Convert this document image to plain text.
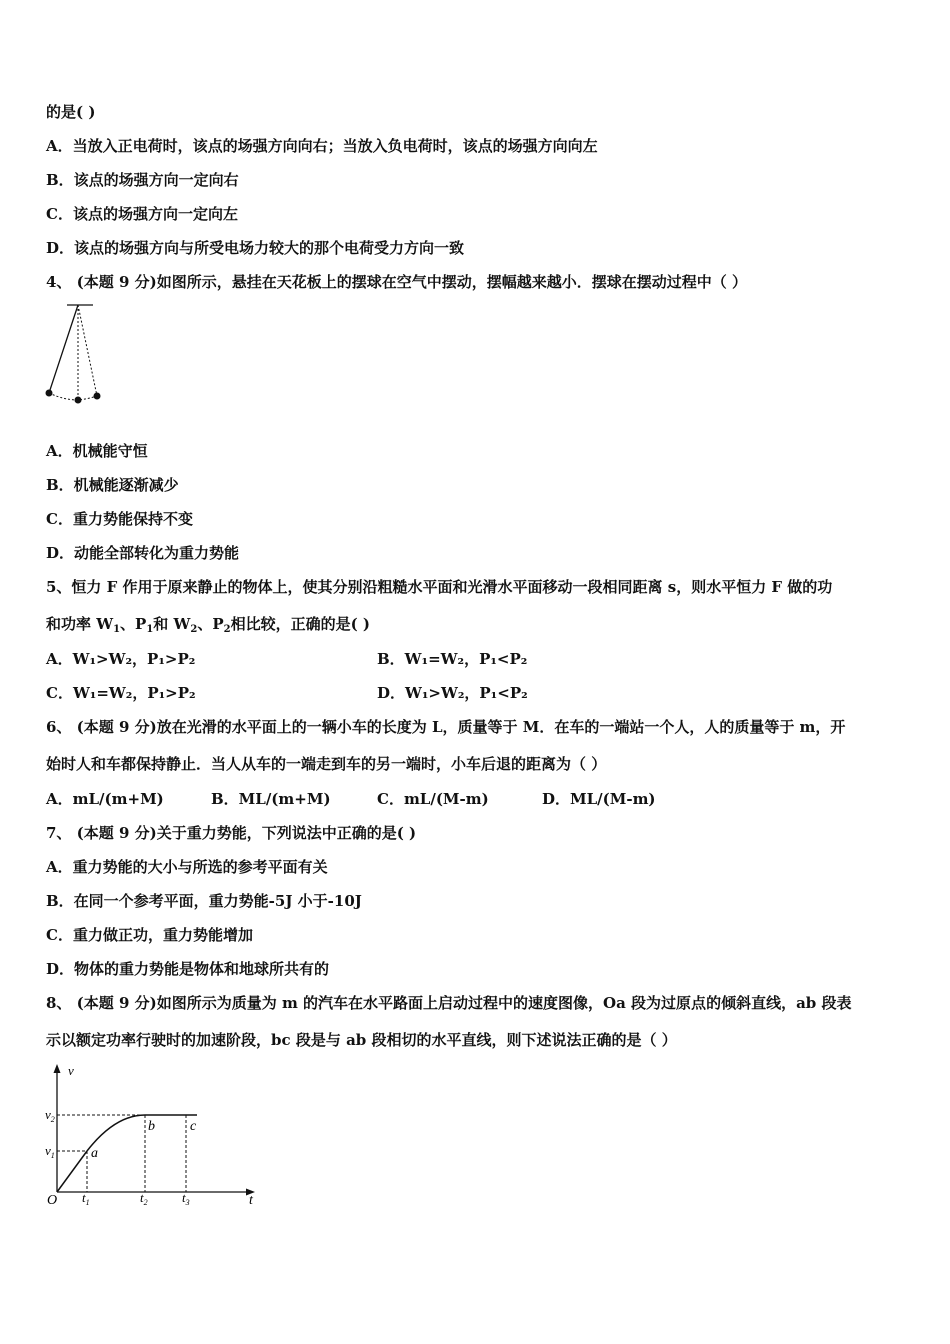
的是( )
A．当放入正电荷时，该点的场强方向向右；当放入负电荷时，该点的场强方向向左
B．该点的场强方向一定向右
C．该点的场强方向一定向左
D．该点的场强方向与所受电场力较大的那个电荷受力方向一致
4、 (本题 9 分)如图所示，悬挂在天花板上的摆球在空气中摆动，摆幅越来越小．摆球在摆动过程中（ ）
A．机械能守恒
B．机械能逐渐减少
C．重力势能保持不变
D．动能全部转化为重力势能
5、恒力 F 作用于原来静止的物体上，使其分别沿粗糙水平面和光滑水平面移动一段相同距离 s，则水平恒力 F 做的功
和功率 $W_1$、$P_1$和 $W_2$、$P_2$相比较，正确的是( )
A．W₁>W₂，P₁>P₂	B．W₁=W₂，P₁<P₂
C．W₁=W₂，P₁>P₂	D．W₁>W₂，P₁<P₂
6、 (本题 9 分)放在光滑的水平面上的一辆小车的长度为 L，质量等于 M．在车的一端站一个人，人的质量等于 m，开
始时人和车都保持静止．当人从车的一端走到车的另一端时，小车后退的距离为（ ）
A．mL/(m+M)	B．ML/(m+M)	C．mL/(M-m)	D．ML/(M-m)
7、 (本题 9 分)关于重力势能，下列说法中正确的是( )
A．重力势能的大小与所选的参考平面有关
B．在同一个参考平面，重力势能-5J 小于-10J
C．重力做正功，重力势能增加
D．物体的重力势能是物体和地球所共有的
8、 (本题 9 分)如图所示为质量为 m 的汽车在水平路面上启动过程中的速度图像，Oa 段为过原点的倾斜直线，ab 段表
示以额定功率行驶时的加速阶段，bc 段是与 ab 段相切的水平直线，则下述说法正确的是（ ）
v
t
O
$v_1$
$v_2$
$t_1$	$t_2$	$t_3$
a
b	c
